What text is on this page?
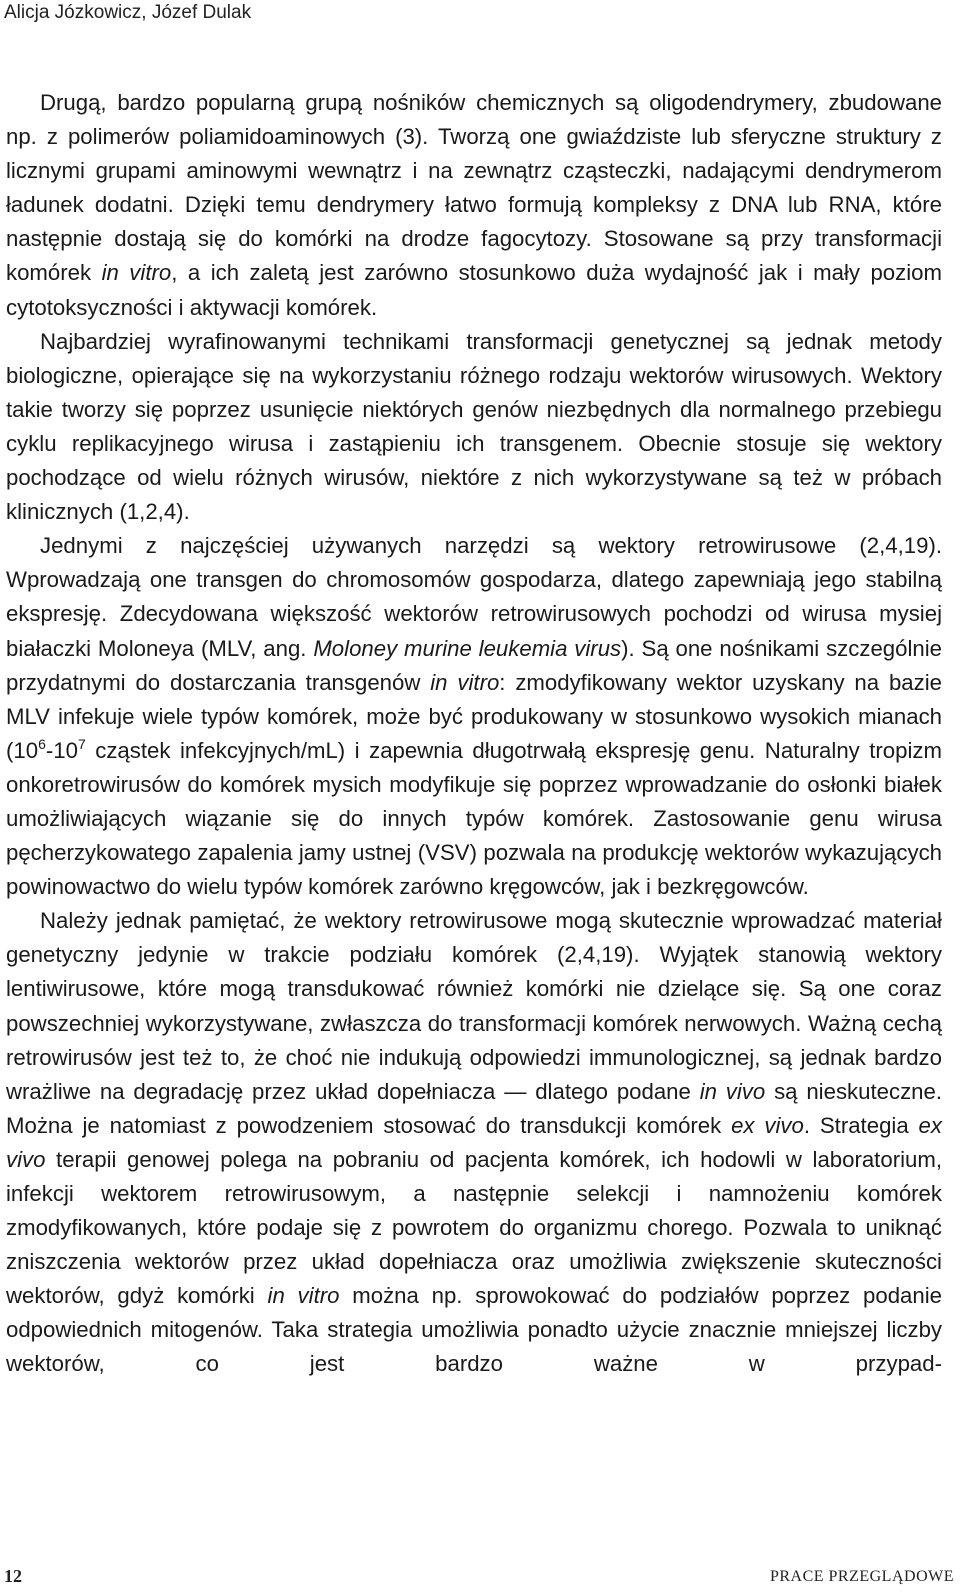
Alicja Józkowicz, Józef Dulak

Drugą, bardzo popularną grupą nośników chemicznych są oligodendrymery, zbudowane np. z polimerów poliamidoaminowych (3). Tworzą one gwiaździste lub sferyczne struktury z licznymi grupami aminowymi wewnątrz i na zewnątrz cząsteczki, nadającymi dendrymerom ładunek dodatni. Dzięki temu dendrymery łatwo formują kompleksy z DNA lub RNA, które następnie dostają się do komórki na drodze fagocytozy. Stosowane są przy transformacji komórek in vitro, a ich zaletą jest zarówno stosunkowo duża wydajność jak i mały poziom cytotoksyczności i aktywacji komórek.

Najbardziej wyrafinowanymi technikami transformacji genetycznej są jednak metody biologiczne, opierające się na wykorzystaniu różnego rodzaju wektorów wirusowych. Wektory takie tworzy się poprzez usunięcie niektórych genów niezbędnych dla normalnego przebiegu cyklu replikacyjnego wirusa i zastąpieniu ich transgenem. Obecnie stosuje się wektory pochodzące od wielu różnych wirusów, niektóre z nich wykorzystywane są też w próbach klinicznych (1,2,4).

Jednymi z najczęściej używanych narzędzi są wektory retrowirusowe (2,4,19). Wprowadzają one transgen do chromosomów gospodarza, dlatego zapewniają jego stabilną ekspresję. Zdecydowana większość wektorów retrowirusowych pochodzi od wirusa mysiej białaczki Moloneya (MLV, ang. Moloney murine leukemia virus). Są one nośnikami szczególnie przydatnymi do dostarczania transgenów in vitro: zmodyfikowany wektor uzyskany na bazie MLV infekuje wiele typów komórek, może być produkowany w stosunkowo wysokich mianach ($10^6-10^7$ cząstek infekcyjnych/mL) i zapewnia długotrwałą ekspresję genu. Naturalny tropizm onkoretrowirusów do komórek mysich modyfikuje się poprzez wprowadzanie do osłonki białek umożliwiających wiązanie się do innych typów komórek. Zastosowanie genu wirusa pęcherzykowatego zapalenia jamy ustnej (VSV) pozwala na produkcję wektorów wykazujących powinowactwo do wielu typów komórek zarówno kręgowców, jak i bezkręgowców.

Należy jednak pamiętać, że wektory retrowirusowe mogą skutecznie wprowadzać materiał genetyczny jedynie w trakcie podziału komórek (2,4,19). Wyjątek stanowią wektory lentiwirusowe, które mogą transdukować również komórki nie dzielące się. Są one coraz powszechniej wykorzystywane, zwłaszcza do transformacji komórek nerwowych. Ważną cechą retrowirusów jest też to, że choć nie indukują odpowiedzi immunologicznej, są jednak bardzo wrażliwe na degradację przez układ dopełniacza — dlatego podane in vivo są nieskuteczne. Można je natomiast z powodzeniem stosować do transdukcji komórek ex vivo. Strategia ex vivo terapii genowej polega na pobraniu od pacjenta komórek, ich hodowli w laboratorium, infekcji wektorem retrowirusowym, a następnie selekcji i namnożeniu komórek zmodyfikowanych, które podaje się z powrotem do organizmu chorego. Pozwala to uniknąć zniszczenia wektorów przez układ dopełniacza oraz umożliwia zwiększenie skuteczności wektorów, gdyż komórki in vitro można np. sprowokować do podziałów poprzez podanie odpowiednich mitogenów. Taka strategia umożliwia ponadto użycie znacznie mniejszej liczby wektorów, co jest bardzo ważne w przypad-

12	PRACE PRZEGLĄDOWE
